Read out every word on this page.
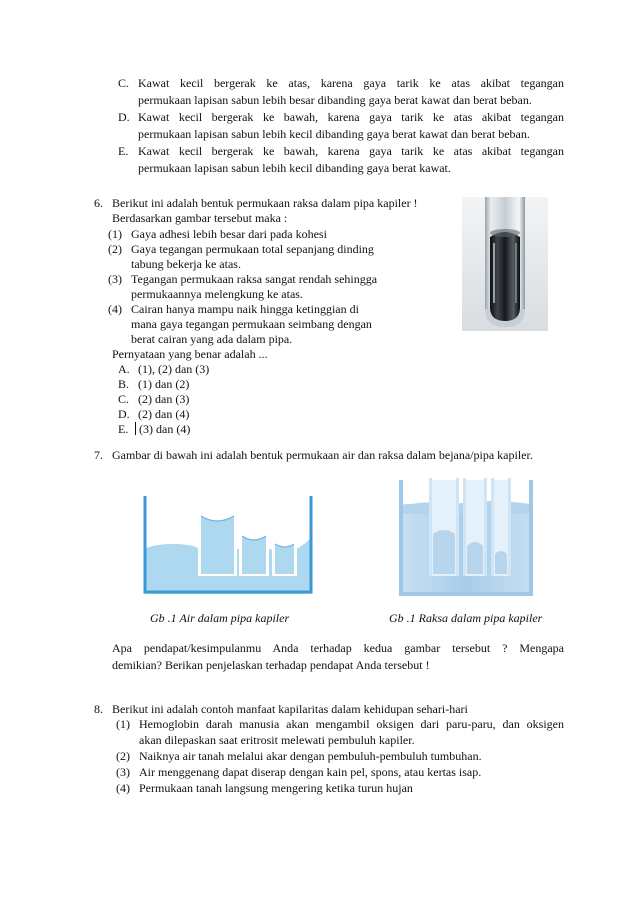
C. Kawat kecil bergerak ke atas, karena gaya tarik ke atas akibat tegangan
permukaan lapisan sabun lebih besar dibanding gaya berat kawat dan berat beban.
D. Kawat kecil bergerak ke bawah, karena gaya tarik ke atas akibat tegangan
permukaan lapisan sabun lebih kecil dibanding gaya berat kawat dan berat beban.
E. Kawat kecil bergerak ke bawah, karena gaya tarik ke atas akibat tegangan
permukaan lapisan sabun lebih kecil dibanding gaya berat kawat.
6. Berikut ini adalah bentuk permukaan raksa dalam pipa kapiler !
Berdasarkan gambar tersebut maka :
(1) Gaya adhesi lebih besar dari pada kohesi
(2) Gaya tegangan permukaan total sepanjang dinding
tabung bekerja ke atas.
(3) Tegangan permukaan raksa sangat rendah sehingga
permukaannya melengkung ke atas.
(4) Cairan hanya mampu naik hingga ketinggian di
mana gaya tegangan permukaan seimbang dengan
berat cairan yang ada dalam pipa.
Pernyataan yang benar adalah ...
A. (1), (2) dan (3)
B. (1) dan (2)
C. (2) dan (3)
D. (2) dan (4)
E. (3) dan (4)
7. Gambar di bawah ini adalah bentuk permukaan air dan raksa dalam bejana/pipa kapiler.
Gb .1 Air dalam pipa kapiler	Gb .1 Raksa dalam pipa kapiler
Apa pendapat/kesimpulanmu Anda terhadap kedua gambar tersebut ? Mengapa
demikian? Berikan penjelaskan terhadap pendapat Anda tersebut !
8. Berikut ini adalah contoh manfaat kapilaritas dalam kehidupan sehari-hari
(1) Hemoglobin darah manusia akan mengambil oksigen dari paru-paru, dan oksigen
akan dilepaskan saat eritrosit melewati pembuluh kapiler.
(2) Naiknya air tanah melalui akar dengan pembuluh-pembuluh tumbuhan.
(3) Air menggenang dapat diserap dengan kain pel, spons, atau kertas isap.
(4) Permukaan tanah langsung mengering ketika turun hujan
